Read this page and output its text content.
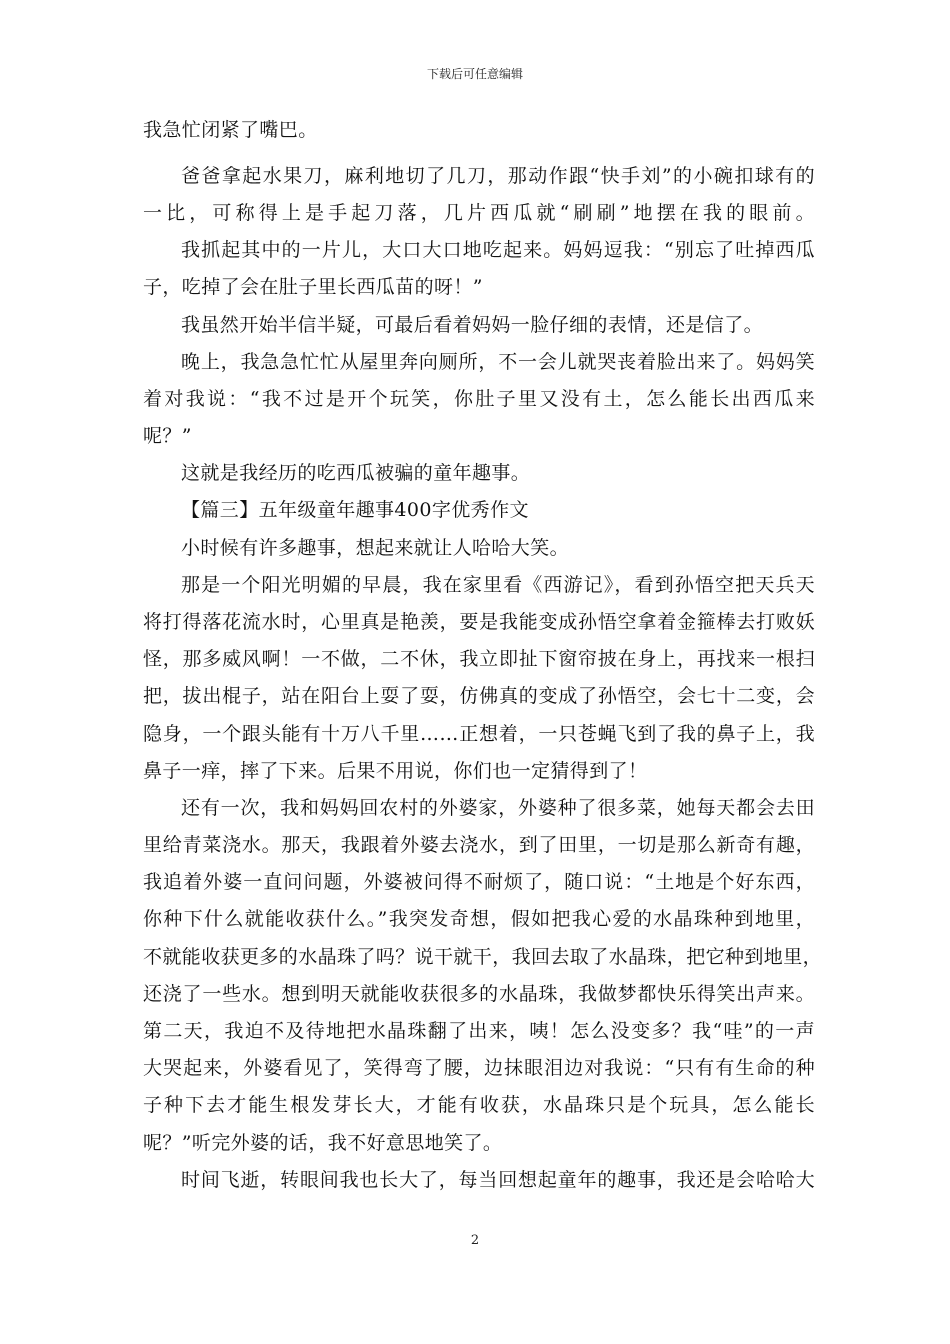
下载后可任意编辑
我急忙闭紧了嘴巴。
爸爸拿起水果刀，麻利地切了几刀，那动作跟“快手刘”的小碗扣球有的
一比，可称得上是手起刀落，几片西瓜就“刷刷”地摆在我的眼前。
我抓起其中的一片儿，大口大口地吃起来。妈妈逗我：“别忘了吐掉西瓜
子，吃掉了会在肚子里长西瓜苗的呀！”
我虽然开始半信半疑，可最后看着妈妈一脸仔细的表情，还是信了。
晚上，我急急忙忙从屋里奔向厕所，不一会儿就哭丧着脸出来了。妈妈笑
着对我说：“我不过是开个玩笑，你肚子里又没有土，怎么能长出西瓜来
呢？”
这就是我经历的吃西瓜被骗的童年趣事。
【篇三】五年级童年趣事400字优秀作文
小时候有许多趣事，想起来就让人哈哈大笑。
那是一个阳光明媚的早晨，我在家里看《西游记》，看到孙悟空把天兵天
将打得落花流水时，心里真是艳羡，要是我能变成孙悟空拿着金箍棒去打败妖
怪，那多威风啊！一不做，二不休，我立即扯下窗帘披在身上，再找来一根扫
把，拔出棍子，站在阳台上耍了耍，仿佛真的变成了孙悟空，会七十二变，会
隐身，一个跟头能有十万八千里……正想着，一只苍蝇飞到了我的鼻子上，我
鼻子一痒，摔了下来。后果不用说，你们也一定猜得到了！
还有一次，我和妈妈回农村的外婆家，外婆种了很多菜，她每天都会去田
里给青菜浇水。那天，我跟着外婆去浇水，到了田里，一切是那么新奇有趣，
我追着外婆一直问问题，外婆被问得不耐烦了，随口说：“土地是个好东西，
你种下什么就能收获什么。”我突发奇想，假如把我心爱的水晶珠种到地里，
不就能收获更多的水晶珠了吗？说干就干，我回去取了水晶珠，把它种到地里，
还浇了一些水。想到明天就能收获很多的水晶珠，我做梦都快乐得笑出声来。
第二天，我迫不及待地把水晶珠翻了出来，咦！怎么没变多？我“哇”的一声
大哭起来，外婆看见了，笑得弯了腰，边抹眼泪边对我说：“只有有生命的种
子种下去才能生根发芽长大，才能有收获，水晶珠只是个玩具，怎么能长
呢？”听完外婆的话，我不好意思地笑了。
时间飞逝，转眼间我也长大了，每当回想起童年的趣事，我还是会哈哈大
2
